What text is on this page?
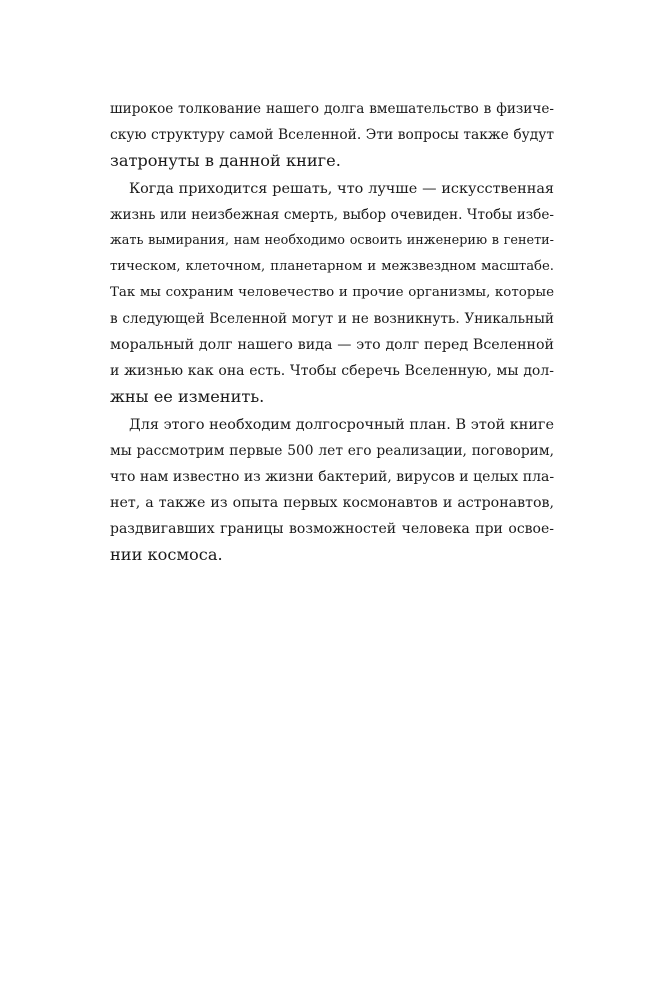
широкое толкование нашего долга вмешательство в физиче-
скую структуру самой Вселенной. Эти вопросы также будут
затронуты в данной книге.
Когда приходится решать, что лучше — искусственная
жизнь или неизбежная смерть, выбор очевиден. Чтобы избе-
жать вымирания, нам необходимо освоить инженерию в генети-
тическом, клеточном, планетарном и межзвездном масштабе.
Так мы сохраним человечество и прочие организмы, которые
в следующей Вселенной могут и не возникнуть. Уникальный
моральный долг нашего вида — это долг перед Вселенной
и жизнью как она есть. Чтобы сберечь Вселенную, мы дол-
жны ее изменить.
Для этого необходим долгосрочный план. В этой книге
мы рассмотрим первые 500 лет его реализации, поговорим,
что нам известно из жизни бактерий, вирусов и целых пла-
нет, а также из опыта первых космонавтов и астронавтов,
раздвигавших границы возможностей человека при освое-
нии космоса.
